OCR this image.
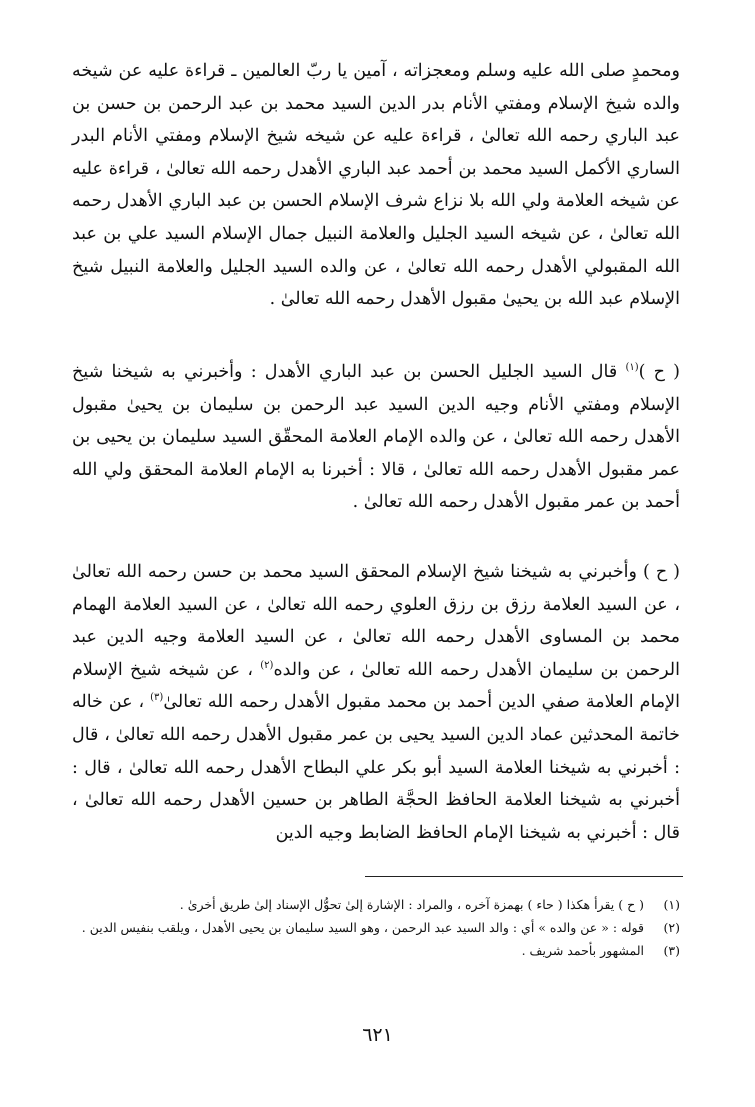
ومحمدٍ صلى الله عليه وسلم ومعجزاته ، آمين يا ربّ العالمين ـ قراءة عليه عن شيخه والده شيخ الإسلام ومفتي الأنام بدر الدين السيد محمد بن عبد الرحمن بن حسن بن عبد الباري رحمه الله تعالىٰ ، قراءة عليه عن شيخه شيخ الإسلام ومفتي الأنام البدر الساري الأكمل السيد محمد بن أحمد عبد الباري الأهدل رحمه الله تعالىٰ ، قراءة عليه عن شيخه العلامة ولي الله بلا نزاع شرف الإسلام الحسن بن عبد الباري الأهدل رحمه الله تعالىٰ ، عن شيخه السيد الجليل والعلامة النبيل جمال الإسلام السيد علي بن عبد الله المقبولي الأهدل رحمه الله تعالىٰ ، عن والده السيد الجليل والعلامة النبيل شيخ الإسلام عبد الله بن يحيىٰ مقبول الأهدل رحمه الله تعالىٰ .

( ح )$^{(١)}$ قال السيد الجليل الحسن بن عبد الباري الأهدل : وأخبرني به شيخنا شيخ الإسلام ومفتي الأنام وجيه الدين السيد عبد الرحمن بن سليمان بن يحيىٰ مقبول الأهدل رحمه الله تعالىٰ ، عن والده الإمام العلامة المحقّق السيد سليمان بن يحيى بن عمر مقبول الأهدل رحمه الله تعالىٰ ، قالا : أخبرنا به الإمام العلامة المحقق ولي الله أحمد بن عمر مقبول الأهدل رحمه الله تعالىٰ .

( ح ) وأخبرني به شيخنا شيخ الإسلام المحقق السيد محمد بن حسن رحمه الله تعالىٰ ، عن السيد العلامة رزق بن رزق العلوي رحمه الله تعالىٰ ، عن السيد العلامة الهمام محمد بن المساوى الأهدل رحمه الله تعالىٰ ، عن السيد العلامة وجيه الدين عبد الرحمن بن سليمان الأهدل رحمه الله تعالىٰ ، عن والده$^{(٢)}$ ، عن شيخه شيخ الإسلام الإمام العلامة صفي الدين أحمد بن محمد مقبول الأهدل رحمه الله تعالىٰ$^{(٣)}$ ، عن خاله خاتمة المحدثين عماد الدين السيد يحيى بن عمر مقبول الأهدل رحمه الله تعالىٰ ، قال : أخبرني به شيخنا العلامة السيد أبو بكر علي البطاح الأهدل رحمه الله تعالىٰ ، قال : أخبرني به شيخنا العلامة الحافظ الحجَّة الطاهر بن حسين الأهدل رحمه الله تعالىٰ ، قال : أخبرني به شيخنا الإمام الحافظ الضابط وجيه الدين

(١)
( ح ) يقرأ هكذا ( حاء ) بهمزة آخره ، والمراد : الإشارة إلىٰ تحوُّل الإسناد إلىٰ طريق أخرىٰ .
(٢)
قوله : « عن والده » أي : والد السيد عبد الرحمن ، وهو السيد سليمان بن يحيى الأهدل ، ويلقب بنفيس الدين .
(٣)
المشهور بأحمد شريف .
٦٢١
